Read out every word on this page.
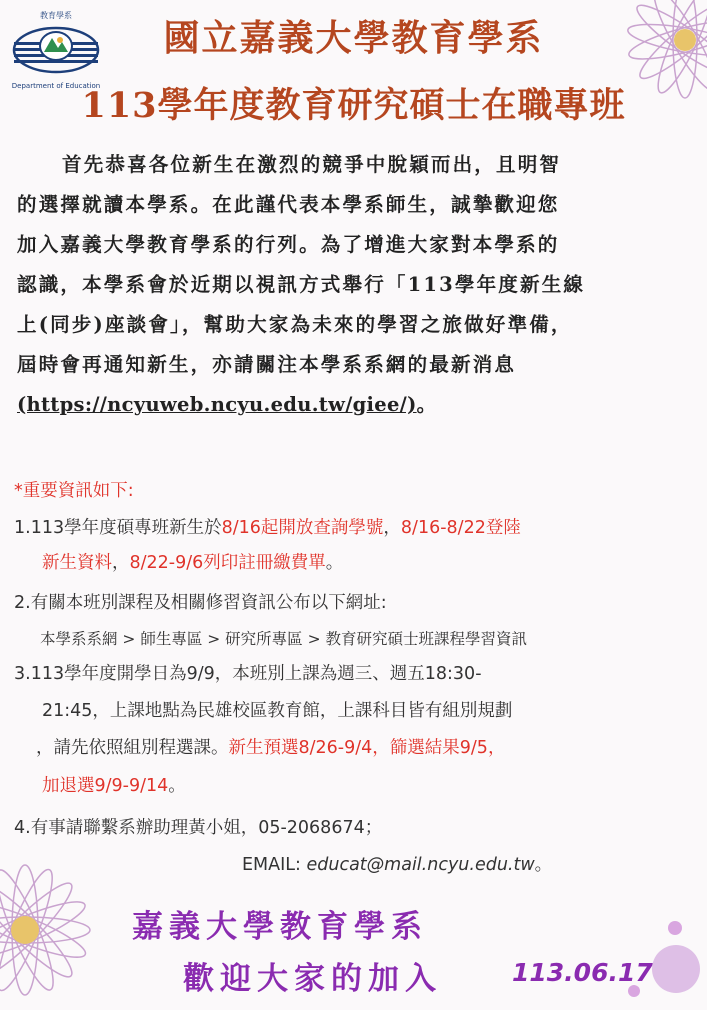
教育學系
Department of Education
國立嘉義大學教育學系
113學年度教育研究碩士在職專班
首先恭喜各位新生在激烈的競爭中脫穎而出，且明智
的選擇就讀本學系。在此謹代表本學系師生，誠摯歡迎您
加入嘉義大學教育學系的行列。為了增進大家對本學系的
認識，本學系會於近期以視訊方式舉行「113學年度新生線
上(同步)座談會」，幫助大家為未來的學習之旅做好準備，
屆時會再通知新生，亦請關注本學系系網的最新消息
(https://ncyuweb.ncyu.edu.tw/giee/)。
*重要資訊如下:
1.113學年度碩專班新生於8/16起開放查詢學號，8/16-8/22登陸
新生資料，8/22-9/6列印註冊繳費單。
2.有關本班別課程及相關修習資訊公布以下網址:
本學系系網 > 師生專區 > 研究所專區 > 教育研究碩士班課程學習資訊
3.113學年度開學日為9/9，本班別上課為週三、週五18:30-
21:45，上課地點為民雄校區教育館，上課科目皆有組別規劃
，請先依照組別程選課。新生預選8/26-9/4，篩選結果9/5，
加退選9/9-9/14。
4.有事請聯繫系辦助理黃小姐，05-2068674；
EMAIL: educat@mail.ncyu.edu.tw。
嘉義大學教育學系
歡迎大家的加入	113.06.17
